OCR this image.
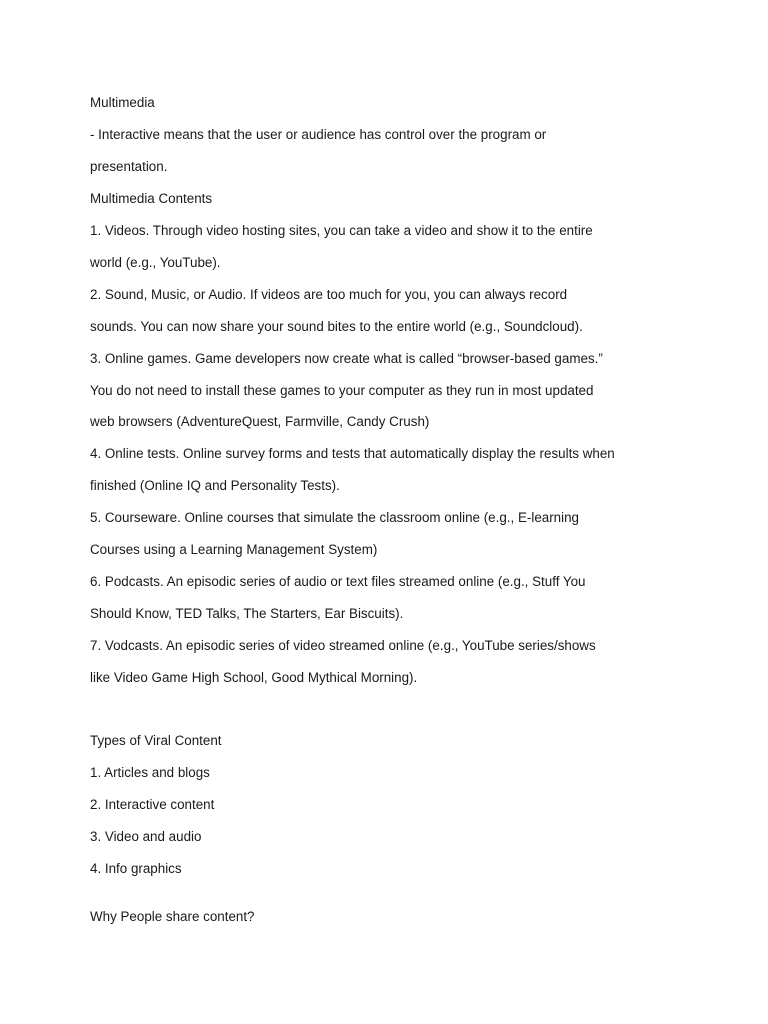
Multimedia
- Interactive means that the user or audience has control over the program or
presentation.
Multimedia Contents
1. Videos. Through video hosting sites, you can take a video and show it to the entire
world (e.g., YouTube).
2. Sound, Music, or Audio. If videos are too much for you, you can always record
sounds. You can now share your sound bites to the entire world (e.g., Soundcloud).
3. Online games. Game developers now create what is called “browser-based games.”
You do not need to install these games to your computer as they run in most updated
web browsers (AdventureQuest, Farmville, Candy Crush)
4. Online tests. Online survey forms and tests that automatically display the results when
finished (Online IQ and Personality Tests).
5. Courseware. Online courses that simulate the classroom online (e.g., E-learning
Courses using a Learning Management System)
6. Podcasts. An episodic series of audio or text files streamed online (e.g., Stuff You
Should Know, TED Talks, The Starters, Ear Biscuits).
7. Vodcasts. An episodic series of video streamed online (e.g., YouTube series/shows
like Video Game High School, Good Mythical Morning).
Types of Viral Content
1. Articles and blogs
2. Interactive content
3. Video and audio
4. Info graphics
Why People share content?
